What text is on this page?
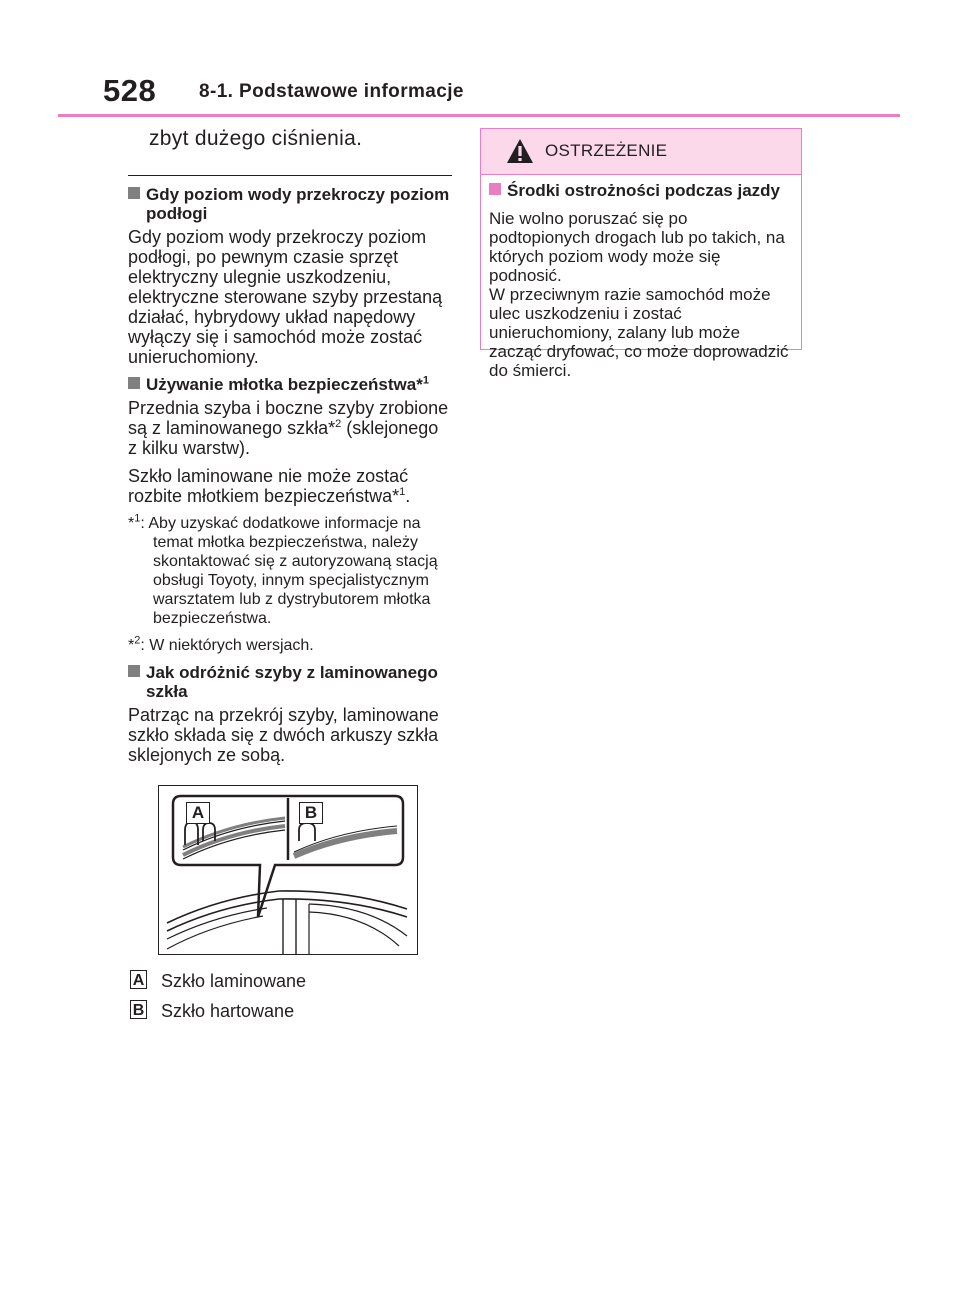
528 8-1. Podstawowe informacje

zbyt dużego ciśnienia.

Gdy poziom wody przekroczy poziom podłogi

Gdy poziom wody przekroczy poziom podłogi, po pewnym czasie sprzęt elektryczny ulegnie uszkodzeniu, elektryczne sterowane szyby przestaną działać, hybrydowy układ napędowy wyłączy się i samochód może zostać unieruchomiony.

Używanie młotka bezpieczeństwa*$^1$

Przednia szyba i boczne szyby zrobione są z laminowanego szkła*$^2$ (sklejonego z kilku warstw).

Szkło laminowane nie może zostać rozbite młotkiem bezpieczeństwa*$^1$.

*$^1$: Aby uzyskać dodatkowe informacje na temat młotka bezpieczeństwa, należy skontaktować się z autoryzowaną stacją obsługi Toyoty, innym specjalistycznym warsztatem lub z dystrybutorem młotka bezpieczeństwa.

*$^2$: W niektórych wersjach.

Jak odróżnić szyby z laminowanego szkła

Patrząc na przekrój szyby, laminowane szkło składa się z dwóch arkuszy szkła sklejonych ze sobą.

A	B
A Szkło laminowane
B Szkło hartowane
OSTRZEŻENIE
Środki ostrożności podczas jazdy

Nie wolno poruszać się po podtopionych drogach lub po takich, na których poziom wody może się podnosić.

W przeciwnym razie samochód może ulec uszkodzeniu i zostać unieruchomiony, zalany lub może zacząć dryfować, co może doprowadzić do śmierci.
